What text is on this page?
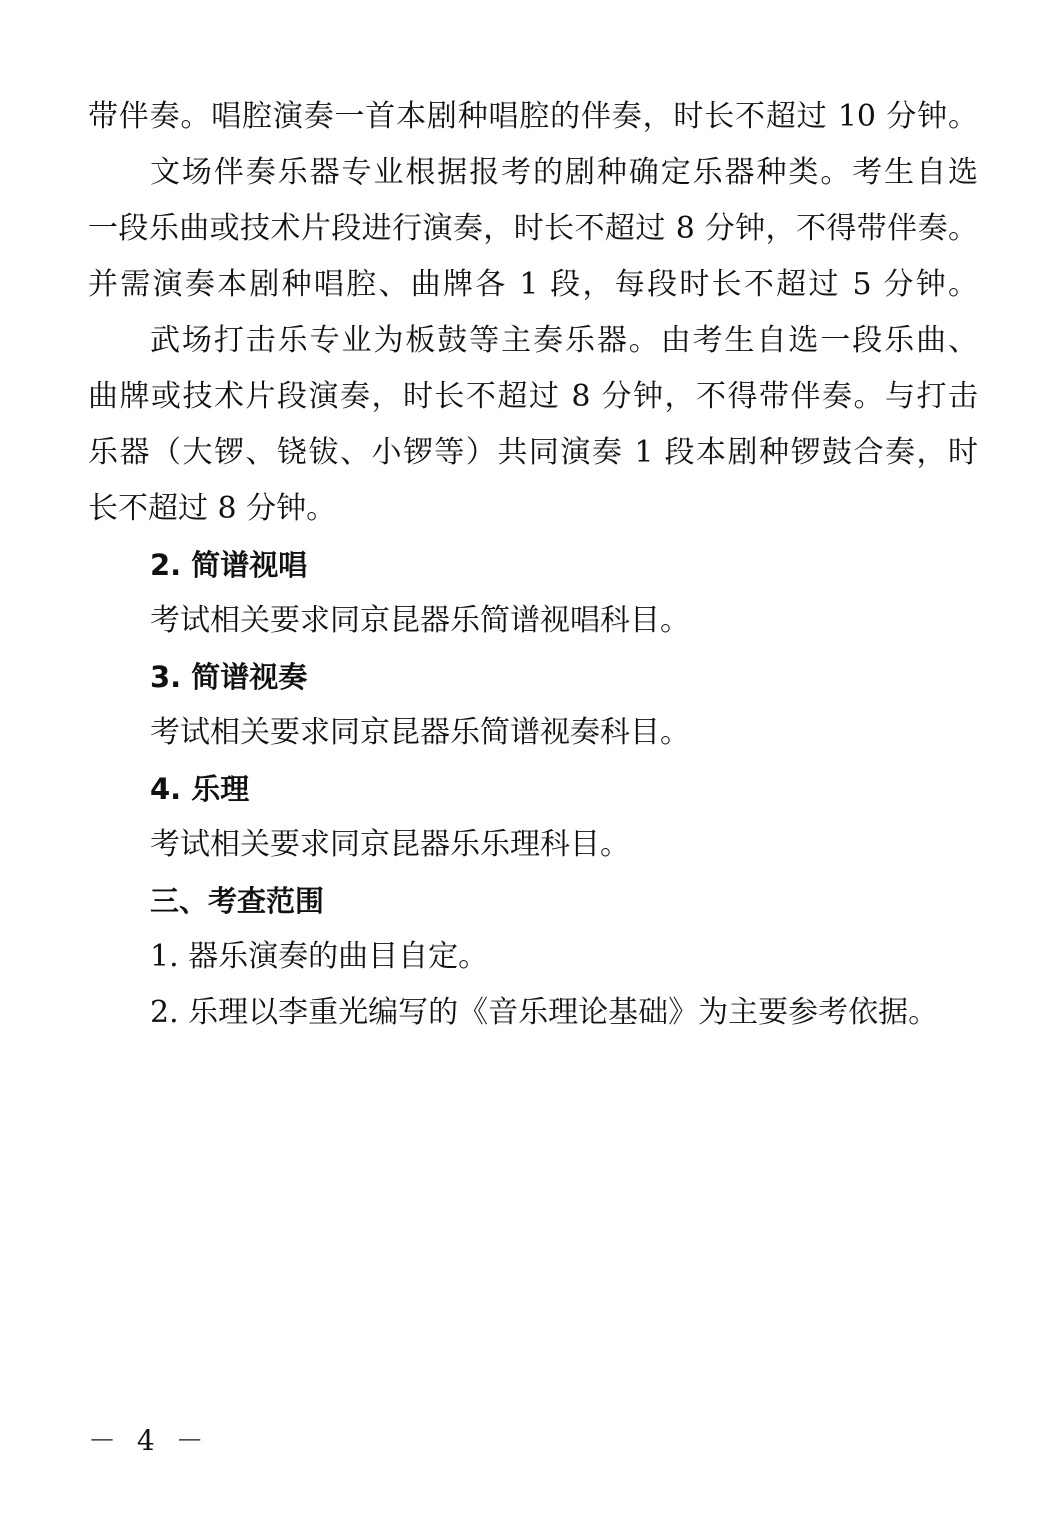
带伴奏。唱腔演奏一首本剧种唱腔的伴奏，时长不超过 10 分钟。
文场伴奏乐器专业根据报考的剧种确定乐器种类。考生自选
一段乐曲或技术片段进行演奏，时长不超过 8 分钟，不得带伴奏。
并需演奏本剧种唱腔、曲牌各 1 段，每段时长不超过 5 分钟。
武场打击乐专业为板鼓等主奏乐器。由考生自选一段乐曲、
曲牌或技术片段演奏，时长不超过 8 分钟，不得带伴奏。与打击
乐器（大锣、铙钹、小锣等）共同演奏 1 段本剧种锣鼓合奏，时
长不超过 8 分钟。
2. 简谱视唱
考试相关要求同京昆器乐简谱视唱科目。
3. 简谱视奏
考试相关要求同京昆器乐简谱视奏科目。
4. 乐理
考试相关要求同京昆器乐乐理科目。
三、考查范围
1. 器乐演奏的曲目自定。
2. 乐理以李重光编写的《音乐理论基础》为主要参考依据。
－ 4 －
